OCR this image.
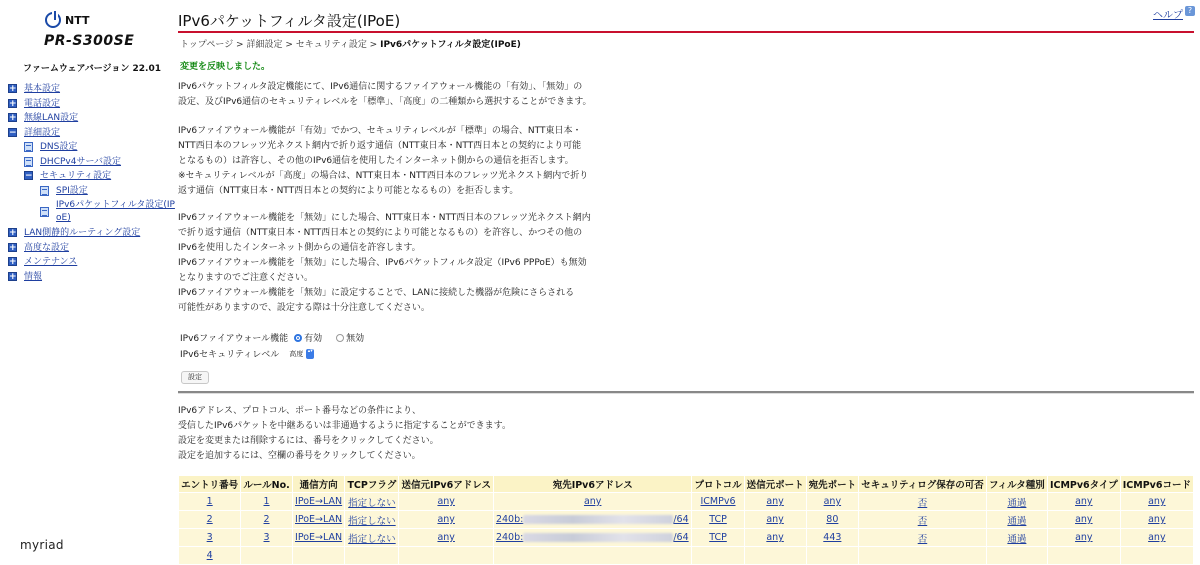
NTT
PR-S300SE
ファームウェアバージョン 22.01
+ 基本設定
+ 電話設定
+ 無線LAN設定
− 詳細設定
DNS設定
DHCPv4サーバ設定
− セキュリティ設定
SPI設定
IPv6パケットフィルタ設定(IP
oE)
+ LAN側静的ルーティング設定
+ 高度な設定
+ メンテナンス
+ 情報
myriad
IPv6パケットフィルタ設定(IPoE)	ヘルプ ?
トップページ > 詳細設定 > セキュリティ設定 > IPv6パケットフィルタ設定(IPoE)
変更を反映しました。
IPv6パケットフィルタ設定機能にて、IPv6通信に関するファイアウォール機能の「有効」、「無効」の
設定、及びIPv6通信のセキュリティレベルを「標準」、「高度」の二種類から選択することができます。
IPv6ファイアウォール機能が「有効」でかつ、セキュリティレベルが「標準」の場合、NTT東日本・
NTT西日本のフレッツ光ネクスト網内で折り返す通信（NTT東日本・NTT西日本との契約により可能
となるもの）は許容し、その他のIPv6通信を使用したインターネット側からの通信を拒否します。
※セキュリティレベルが「高度」の場合は、NTT東日本・NTT西日本のフレッツ光ネクスト網内で折り
返す通信（NTT東日本・NTT西日本との契約により可能となるもの）を拒否します。
IPv6ファイアウォール機能を「無効」にした場合、NTT東日本・NTT西日本のフレッツ光ネクスト網内
で折り返す通信（NTT東日本・NTT西日本との契約により可能となるもの）を許容し、かつその他の
IPv6を使用したインターネット側からの通信を許容します。
IPv6ファイアウォール機能を「無効」にした場合、IPv6パケットフィルタ設定（IPv6 PPPoE）も無効
となりますのでご注意ください。
IPv6ファイアウォール機能を「無効」に設定することで、LANに接続した機器が危険にさらされる
可能性がありますので、設定する際は十分注意してください。
IPv6ファイアウォール機能 有効	無効
IPv6セキュリティレベル 高度 ▴▾
設定
IPv6アドレス、プロトコル、ポート番号などの条件により、
受信したIPv6パケットを中継あるいは非通過するように指定することができます。
設定を変更または削除するには、番号をクリックしてください。
設定を追加するには、空欄の番号をクリックしてください。
エントリ番号	ルールNo.	通信方向	TCPフラグ	送信元IPv6アドレス	宛先IPv6アドレス	プロトコル	送信元ポート	宛先ポート	セキュリティログ保存の可否	フィルタ種別	ICMPv6タイプ	ICMPv6コード
1	1	IPoE→LAN	指定しない	any	any	ICMPv6	any	any	否	通過	any	any
2	2	IPoE→LAN	指定しない	any	240b: /64	TCP	any	80	否	通過	any	any
3	3	IPoE→LAN	指定しない	any	240b: /64	TCP	any	443	否	通過	any	any
4												
